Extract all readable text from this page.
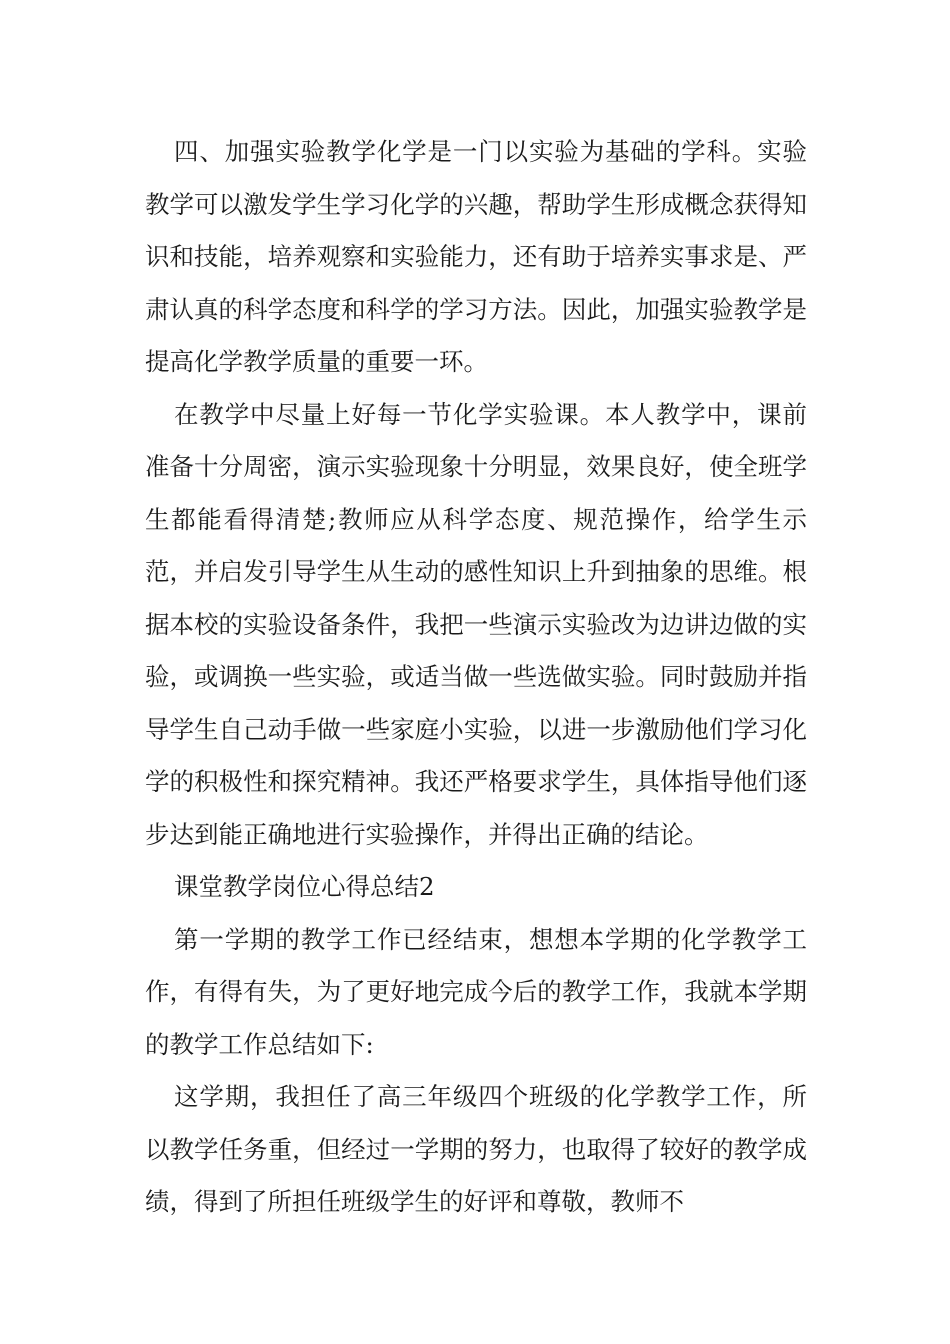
四、加强实验教学化学是一门以实验为基础的学科。实验教学可以激发学生学习化学的兴趣，帮助学生形成概念获得知识和技能，培养观察和实验能力，还有助于培养实事求是、严肃认真的科学态度和科学的学习方法。因此，加强实验教学是提高化学教学质量的重要一环。

在教学中尽量上好每一节化学实验课。本人教学中，课前准备十分周密，演示实验现象十分明显，效果良好，使全班学生都能看得清楚;教师应从科学态度、规范操作，给学生示范，并启发引导学生从生动的感性知识上升到抽象的思维。根据本校的实验设备条件，我把一些演示实验改为边讲边做的实验，或调换一些实验，或适当做一些选做实验。同时鼓励并指导学生自己动手做一些家庭小实验，以进一步激励他们学习化学的积极性和探究精神。我还严格要求学生，具体指导他们逐步达到能正确地进行实验操作，并得出正确的结论。

课堂教学岗位心得总结2

第一学期的教学工作已经结束，想想本学期的化学教学工作，有得有失，为了更好地完成今后的教学工作，我就本学期的教学工作总结如下:

这学期，我担任了高三年级四个班级的化学教学工作，所以教学任务重，但经过一学期的努力，也取得了较好的教学成绩，得到了所担任班级学生的好评和尊敬，教师不
